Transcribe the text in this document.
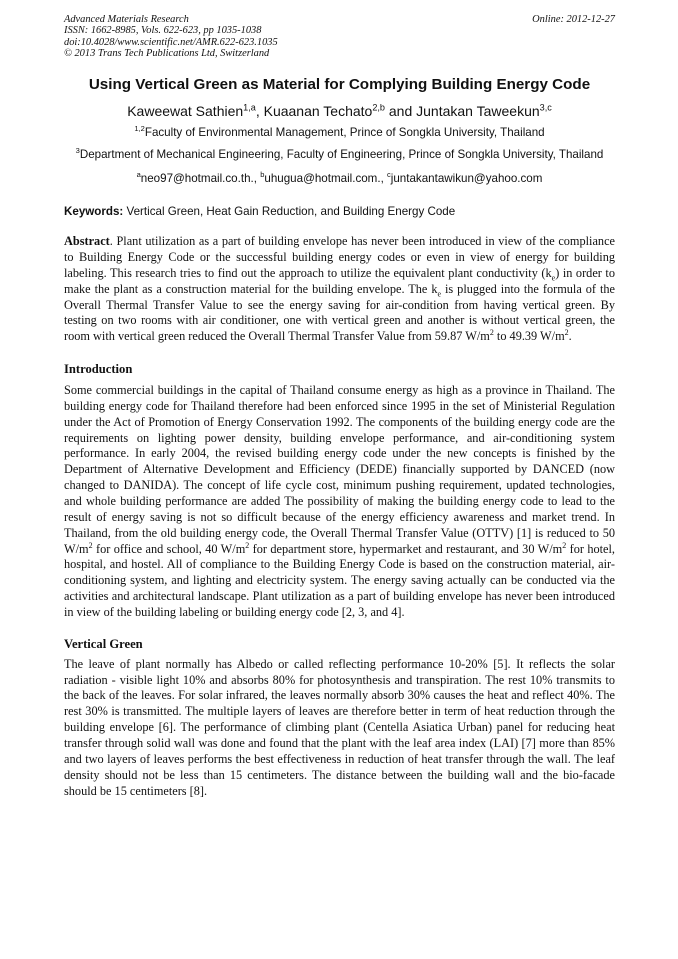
Advanced Materials Research
ISSN: 1662-8985, Vols. 622-623, pp 1035-1038
doi:10.4028/www.scientific.net/AMR.622-623.1035
© 2013 Trans Tech Publications Ltd, Switzerland
Online: 2012-12-27
Using Vertical Green as Material for Complying Building Energy Code
Kaweewat Sathien$^{1,a}$, Kuaanan Techato$^{2,b}$ and Juntakan Taweekun$^{3,c}$
$^{1,2}$Faculty of Environmental Management, Prince of Songkla University, Thailand
$^3$Department of Mechanical Engineering, Faculty of Engineering, Prince of Songkla University, Thailand
$^a$neo97@hotmail.co.th., $^b$uhugua@hotmail.com., $^c$juntakantawikun@yahoo.com
Keywords: Vertical Green, Heat Gain Reduction, and Building Energy Code

Abstract. Plant utilization as a part of building envelope has never been introduced in view of the compliance to Building Energy Code or the successful building energy codes or even in view of energy for building labeling. This research tries to find out the approach to utilize the equivalent plant conductivity $(k_e)$ in order to make the plant as a construction material for the building envelope. The $k_e$ is plugged into the formula of the Overall Thermal Transfer Value to see the energy saving for air-condition from having vertical green. By testing on two rooms with air conditioner, one with vertical green and another is without vertical green, the room with vertical green reduced the Overall Thermal Transfer Value from 59.87 $W/m^2$ to 49.39 $W/m^2$.

Introduction

Some commercial buildings in the capital of Thailand consume energy as high as a province in Thailand. The building energy code for Thailand therefore had been enforced since 1995 in the set of Ministerial Regulation under the Act of Promotion of Energy Conservation 1992. The components of the building energy code are the requirements on lighting power density, building envelope performance, and air-conditioning system performance. In early 2004, the revised building energy code under the new concepts is finished by the Department of Alternative Development and Efficiency (DEDE) financially supported by DANCED (now changed to DANIDA). The concept of life cycle cost, minimum pushing requirement, updated technologies, and whole building performance are added The possibility of making the building energy code to lead to the result of energy saving is not so difficult because of the energy efficiency awareness and market trend. In Thailand, from the old building energy code, the Overall Thermal Transfer Value (OTTV) [1] is reduced to 50 $W/m^2$ for office and school, 40 $W/m^2$ for department store, hypermarket and restaurant, and 30 $W/m^2$ for hotel, hospital, and hostel. All of compliance to the Building Energy Code is based on the construction material, air-conditioning system, and lighting and electricity system. The energy saving actually can be conducted via the activities and architectural landscape. Plant utilization as a part of building envelope has never been introduced in view of the building labeling or building energy code [2, 3, and 4].

Vertical Green

The leave of plant normally has Albedo or called reflecting performance 10-20% [5]. It reflects the solar radiation - visible light 10% and absorbs 80% for photosynthesis and transpiration. The rest 10% transmits to the back of the leaves. For solar infrared, the leaves normally absorb 30% causes the heat and reflect 40%. The rest 30% is transmitted. The multiple layers of leaves are therefore better in term of heat reduction through the building envelope [6]. The performance of climbing plant (Centella Asiatica Urban) panel for reducing heat transfer through solid wall was done and found that the plant with the leaf area index (LAI) [7] more than 85% and two layers of leaves performs the best effectiveness in reduction of heat transfer through the wall. The leaf density should not be less than 15 centimeters. The distance between the building wall and the bio-facade should be 15 centimeters [8].
